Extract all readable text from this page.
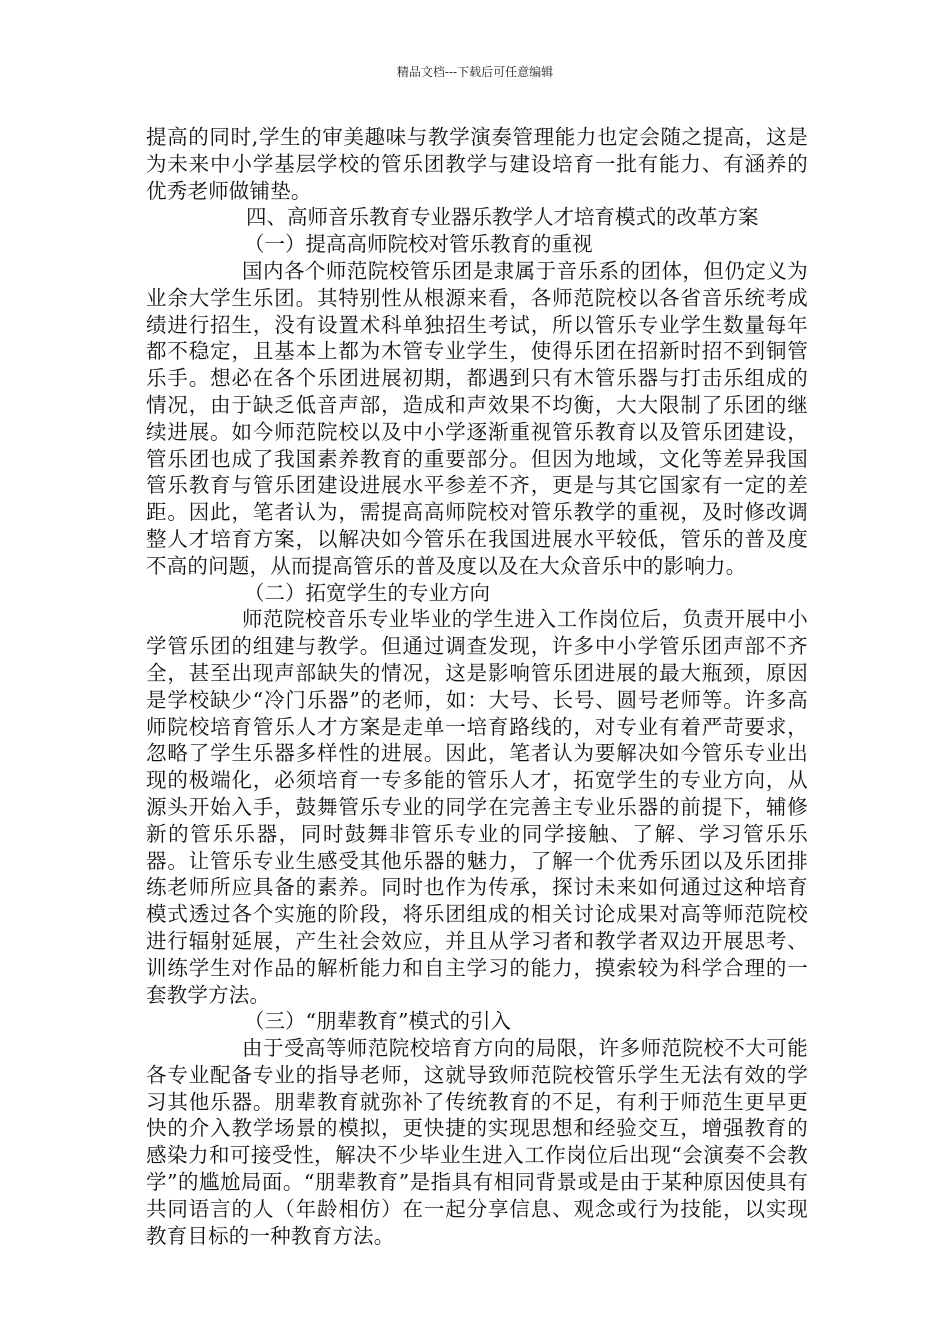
精品文档---下载后可任意编辑

提高的同时,学生的审美趣味与教学演奏管理能力也定会随之提高，这是为未来中小学基层学校的管乐团教学与建设培育一批有能力、有涵养的优秀老师做铺垫。

四、高师音乐教育专业器乐教学人才培育模式的改革方案

（一）提高高师院校对管乐教育的重视

国内各个师范院校管乐团是隶属于音乐系的团体，但仍定义为业余大学生乐团。其特别性从根源来看，各师范院校以各省音乐统考成绩进行招生，没有设置术科单独招生考试，所以管乐专业学生数量每年都不稳定，且基本上都为木管专业学生，使得乐团在招新时招不到铜管乐手。想必在各个乐团进展初期，都遇到只有木管乐器与打击乐组成的情况，由于缺乏低音声部，造成和声效果不均衡，大大限制了乐团的继续进展。如今师范院校以及中小学逐渐重视管乐教育以及管乐团建设，管乐团也成了我国素养教育的重要部分。但因为地域，文化等差异我国管乐教育与管乐团建设进展水平参差不齐，更是与其它国家有一定的差距。因此，笔者认为，需提高高师院校对管乐教学的重视，及时修改调整人才培育方案，以解决如今管乐在我国进展水平较低，管乐的普及度不高的问题，从而提高管乐的普及度以及在大众音乐中的影响力。

（二）拓宽学生的专业方向

师范院校音乐专业毕业的学生进入工作岗位后，负责开展中小学管乐团的组建与教学。但通过调查发现，许多中小学管乐团声部不齐全，甚至出现声部缺失的情况，这是影响管乐团进展的最大瓶颈，原因是学校缺少“冷门乐器”的老师，如：大号、长号、圆号老师等。许多高师院校培育管乐人才方案是走单一培育路线的，对专业有着严苛要求，忽略了学生乐器多样性的进展。因此，笔者认为要解决如今管乐专业出现的极端化，必须培育一专多能的管乐人才，拓宽学生的专业方向，从源头开始入手，鼓舞管乐专业的同学在完善主专业乐器的前提下，辅修新的管乐乐器，同时鼓舞非管乐专业的同学接触、了解、学习管乐乐器。让管乐专业生感受其他乐器的魅力，了解一个优秀乐团以及乐团排练老师所应具备的素养。同时也作为传承，探讨未来如何通过这种培育模式透过各个实施的阶段，将乐团组成的相关讨论成果对高等师范院校进行辐射延展，产生社会效应，并且从学习者和教学者双边开展思考、训练学生对作品的解析能力和自主学习的能力，摸索较为科学合理的一套教学方法。

（三）“朋辈教育”模式的引入

由于受高等师范院校培育方向的局限，许多师范院校不大可能各专业配备专业的指导老师，这就导致师范院校管乐学生无法有效的学习其他乐器。朋辈教育就弥补了传统教育的不足，有利于师范生更早更快的介入教学场景的模拟，更快捷的实现思想和经验交互，增强教育的感染力和可接受性，解决不少毕业生进入工作岗位后出现“会演奏不会教学”的尴尬局面。“朋辈教育”是指具有相同背景或是由于某种原因使具有共同语言的人（年龄相仿）在一起分享信息、观念或行为技能，以实现教育目标的一种教育方法。
